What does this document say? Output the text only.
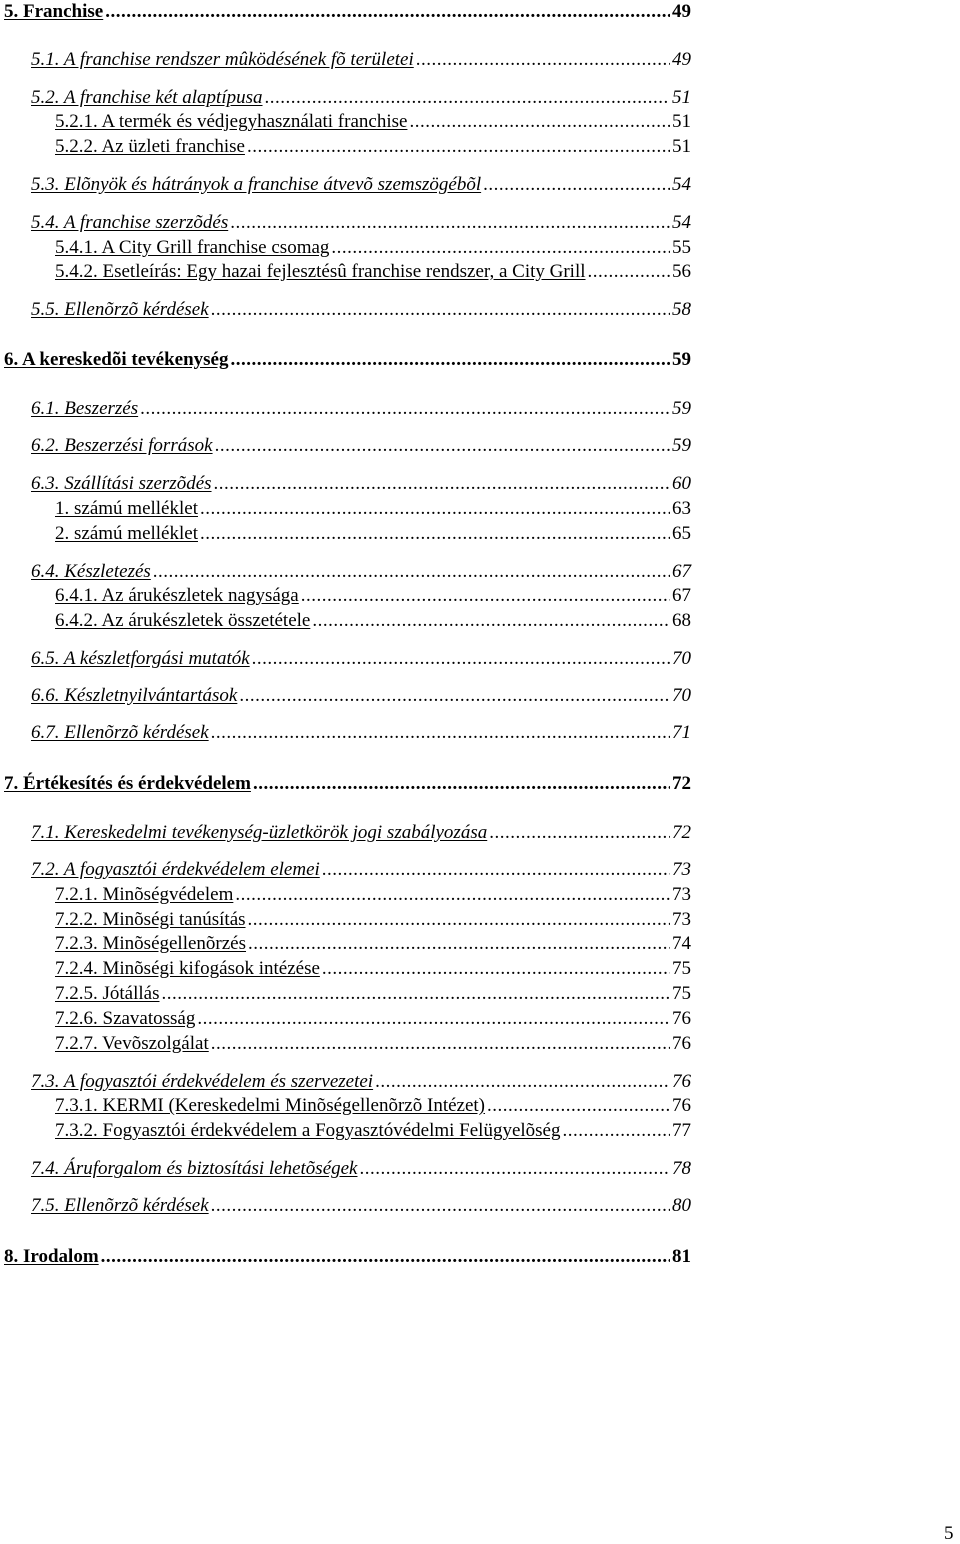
5. Franchise .....	49
5.1. A franchise rendszer mûködésének fõ területei .....	49
5.2. A franchise két alaptípusa .....	51
5.2.1. A termék és védjegyhasználati franchise .....	51
5.2.2. Az üzleti franchise .....	51
5.3. Elõnyök és hátrányok a franchise átvevõ szemszögébõl .....	54
5.4. A franchise szerzõdés .....	54
5.4.1. A City Grill franchise csomag .....	55
5.4.2. Esetleírás: Egy hazai fejlesztésû franchise rendszer, a City Grill .....	56
5.5. Ellenõrzõ kérdések .....	58
6. A kereskedõi tevékenység .....	59
6.1. Beszerzés .....	59
6.2. Beszerzési források .....	59
6.3. Szállítási szerzõdés .....	60
1. számú melléklet .....	63
2. számú melléklet .....	65
6.4. Készletezés .....	67
6.4.1. Az árukészletek nagysága .....	67
6.4.2. Az árukészletek összetétele .....	68
6.5. A készletforgási mutatók .....	70
6.6. Készletnyilvántartások .....	70
6.7. Ellenõrzõ kérdések .....	71
7. Értékesítés és érdekvédelem .....	72
7.1. Kereskedelmi tevékenység-üzletkörök jogi szabályozása .....	72
7.2. A fogyasztói érdekvédelem elemei .....	73
7.2.1. Minõségvédelem .....	73
7.2.2. Minõségi tanúsítás .....	73
7.2.3. Minõségellenõrzés .....	74
7.2.4. Minõségi kifogások intézése .....	75
7.2.5. Jótállás .....	75
7.2.6. Szavatosság .....	76
7.2.7. Vevõszolgálat .....	76
7.3. A fogyasztói érdekvédelem és szervezetei .....	76
7.3.1. KERMI (Kereskedelmi Minõségellenõrzõ Intézet) .....	76
7.3.2. Fogyasztói érdekvédelem a Fogyasztóvédelmi Felügyelõség .....	77
7.4. Áruforgalom és biztosítási lehetõségek .....	78
7.5. Ellenõrzõ kérdések .....	80
8. Irodalom .....	81
5
